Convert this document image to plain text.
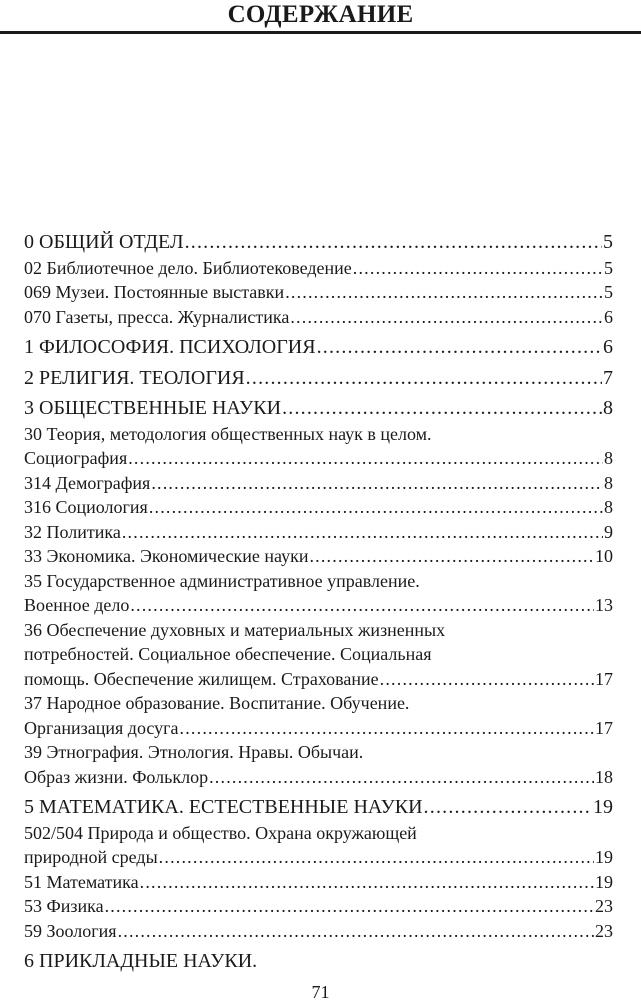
СОДЕРЖАНИЕ
0 ОБЩИЙ ОТДЕЛ .....	5
02 Библиотечное дело. Библиотековедение .....	5
069 Музеи. Постоянные выставки .....	5
070 Газеты, пресса. Журналистика .....	6
1 ФИЛОСОФИЯ. ПСИХОЛОГИЯ .....	6
2 РЕЛИГИЯ. ТЕОЛОГИЯ .....	7
3 ОБЩЕСТВЕННЫЕ НАУКИ .....	8
30 Теория, методология общественных наук в целом.
Социография .....	8
314 Демография .....	8
316 Социология .....	8
32 Политика .....	9
33 Экономика. Экономические науки .....	10
35 Государственное административное управление.
Военное дело .....	13
36 Обеспечение духовных и материальных жизненных
потребностей. Социальное обеспечение. Социальная
помощь. Обеспечение жилищем. Страхование .....	17
37 Народное образование. Воспитание. Обучение.
Организация досуга .....	17
39 Этнография. Этнология. Нравы. Обычаи.
Образ жизни. Фольклор .....	18
5 МАТЕМАТИКА. ЕСТЕСТВЕННЫЕ НАУКИ .....	19
502/504 Природа и общество. Охрана окружающей
природной среды .....	19
51 Математика .....	19
53 Физика .....	23
59 Зоология .....	23
6 ПРИКЛАДНЫЕ НАУКИ.
71
